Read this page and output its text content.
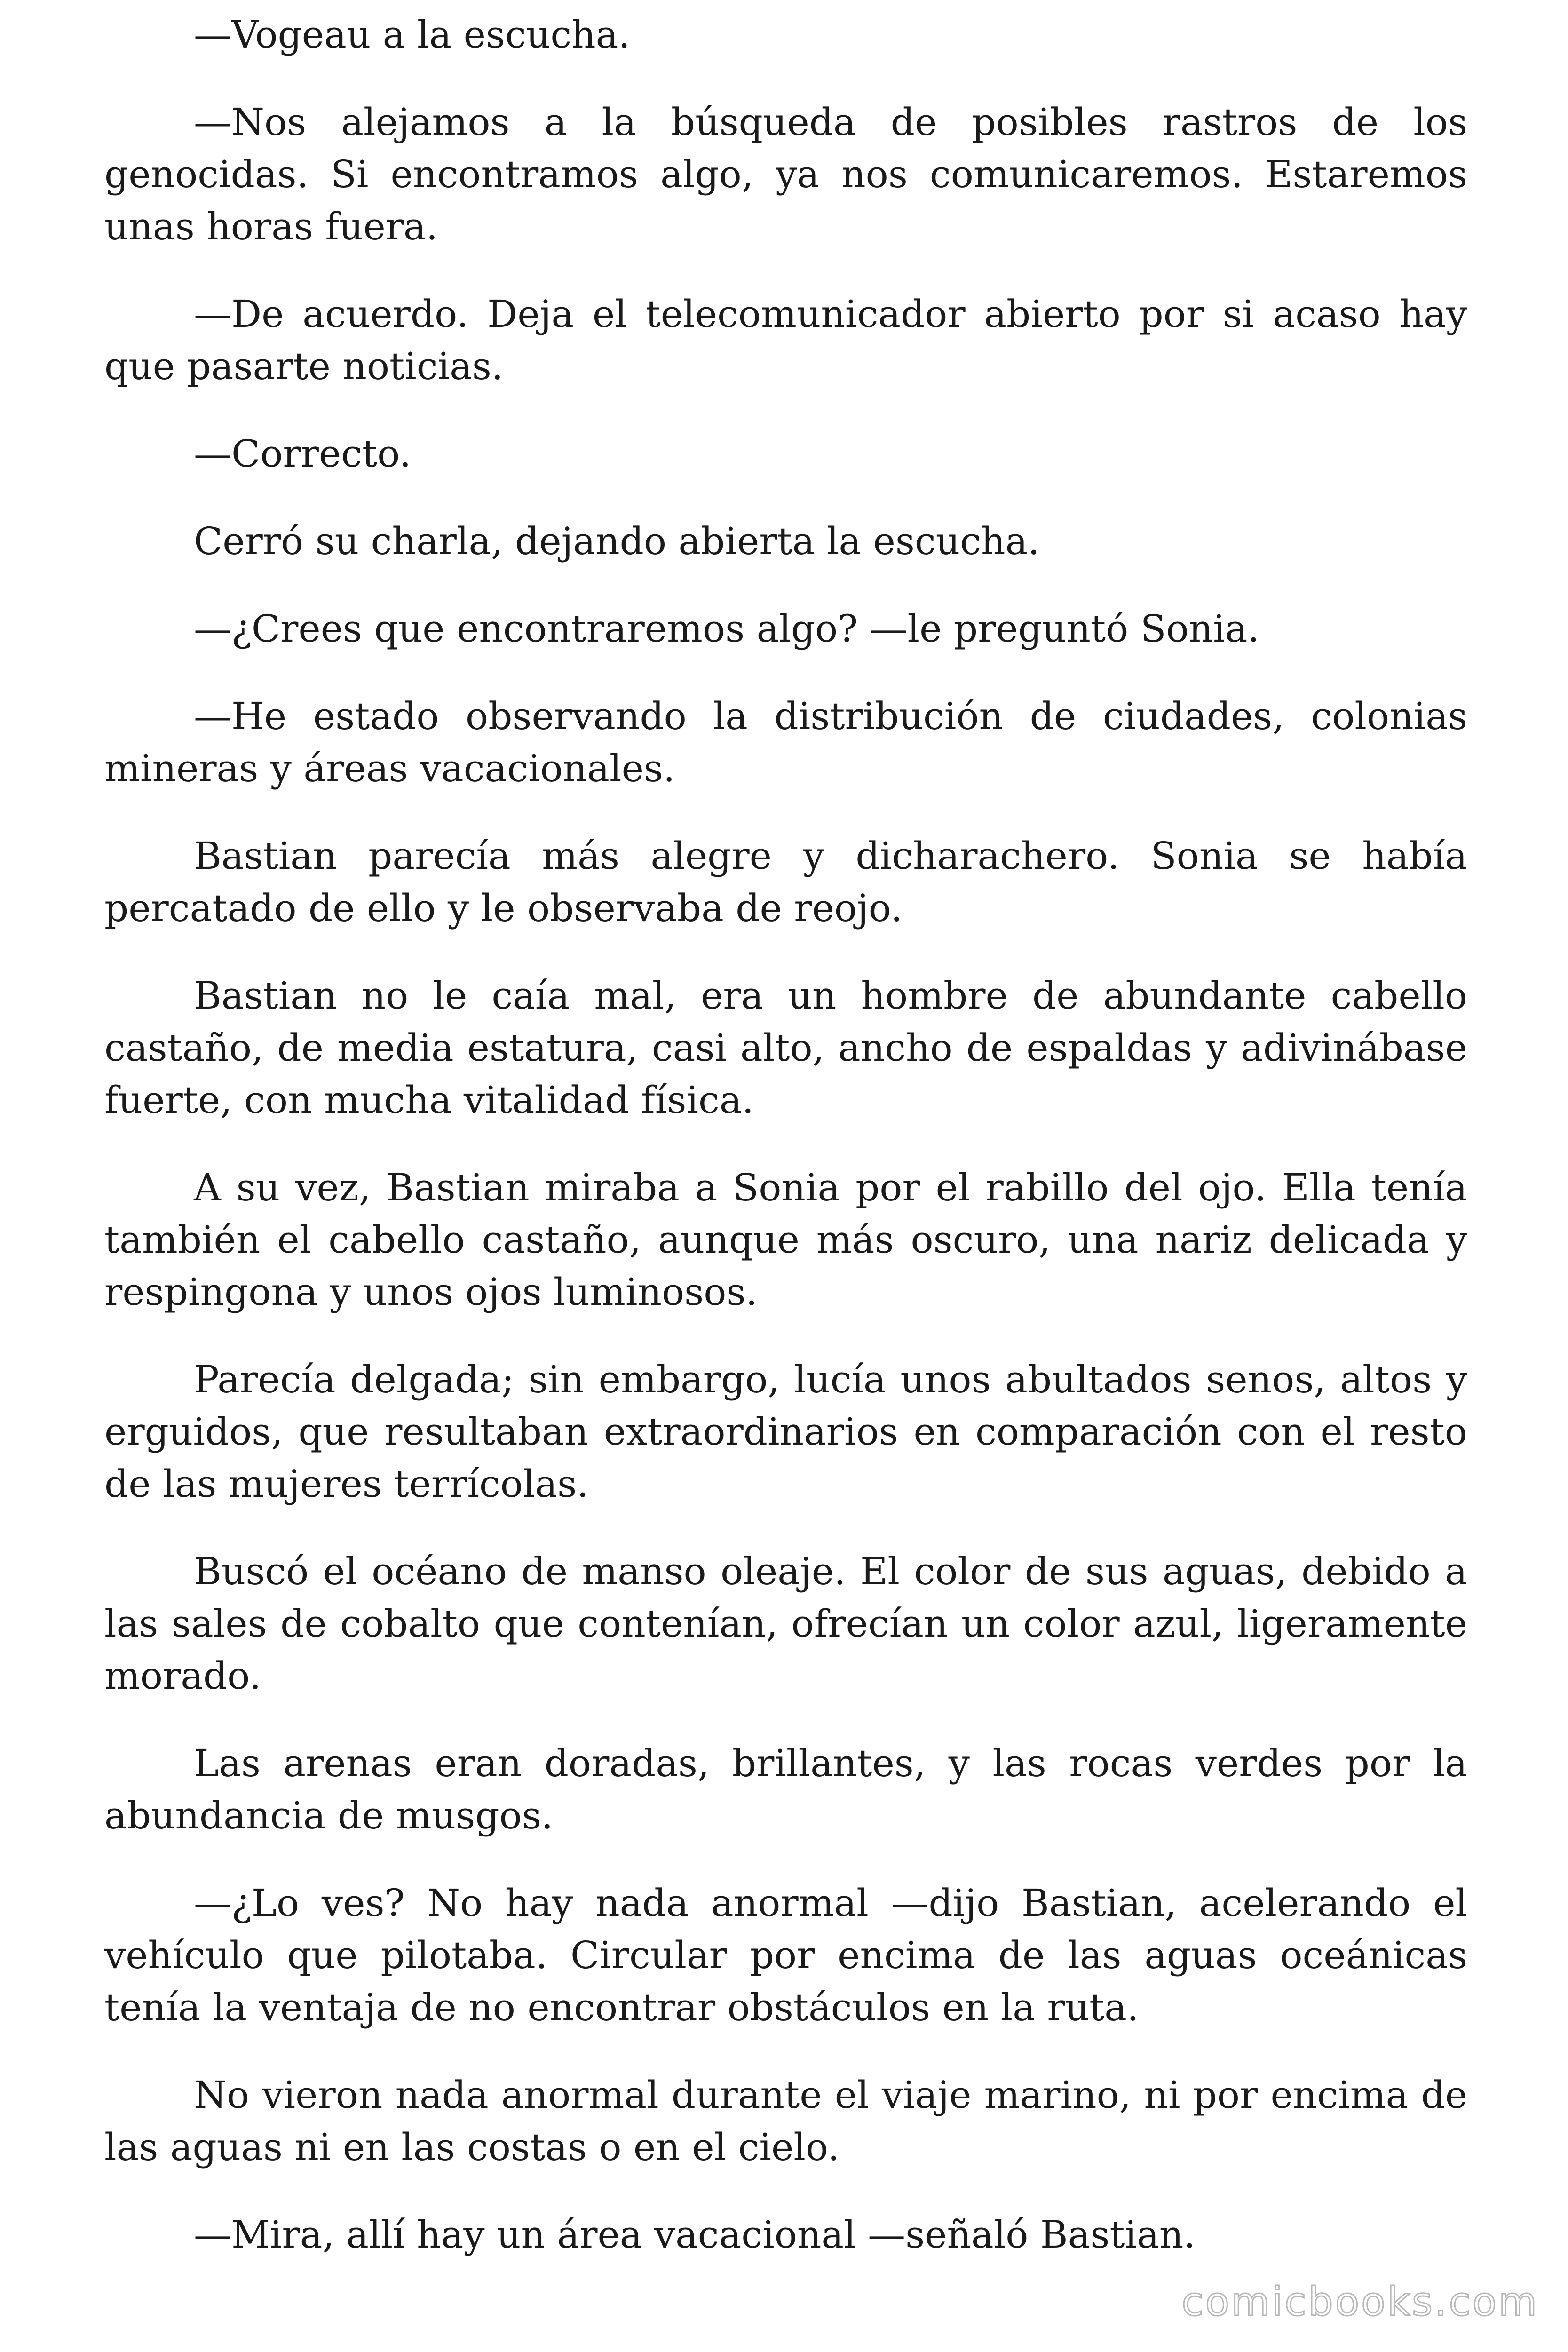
—Vogeau a la escucha.

—Nos alejamos a la búsqueda de posibles rastros de los genocidas. Si encontramos algo, ya nos comunicaremos. Estaremos unas horas fuera.

—De acuerdo. Deja el telecomunicador abierto por si acaso hay que pasarte noticias.

—Correcto.

Cerró su charla, dejando abierta la escucha.

—¿Crees que encontraremos algo? —le preguntó Sonia.

—He estado observando la distribución de ciudades, colonias mineras y áreas vacacionales.

Bastian parecía más alegre y dicharachero. Sonia se había percatado de ello y le observaba de reojo.

Bastian no le caía mal, era un hombre de abundante cabello castaño, de media estatura, casi alto, ancho de espaldas y adivinábase fuerte, con mucha vitalidad física.

A su vez, Bastian miraba a Sonia por el rabillo del ojo. Ella tenía también el cabello castaño, aunque más oscuro, una nariz delicada y respingona y unos ojos luminosos.

Parecía delgada; sin embargo, lucía unos abultados senos, altos y erguidos, que resultaban extraordinarios en comparación con el resto de las mujeres terrícolas.

Buscó el océano de manso oleaje. El color de sus aguas, debido a las sales de cobalto que contenían, ofrecían un color azul, ligeramente morado.

Las arenas eran doradas, brillantes, y las rocas verdes por la abundancia de musgos.

—¿Lo ves? No hay nada anormal —dijo Bastian, acelerando el vehículo que pilotaba. Circular por encima de las aguas oceánicas tenía la ventaja de no encontrar obstáculos en la ruta.

No vieron nada anormal durante el viaje marino, ni por encima de las aguas ni en las costas o en el cielo.

—Mira, allí hay un área vacacional —señaló Bastian.

comicbooks.com
